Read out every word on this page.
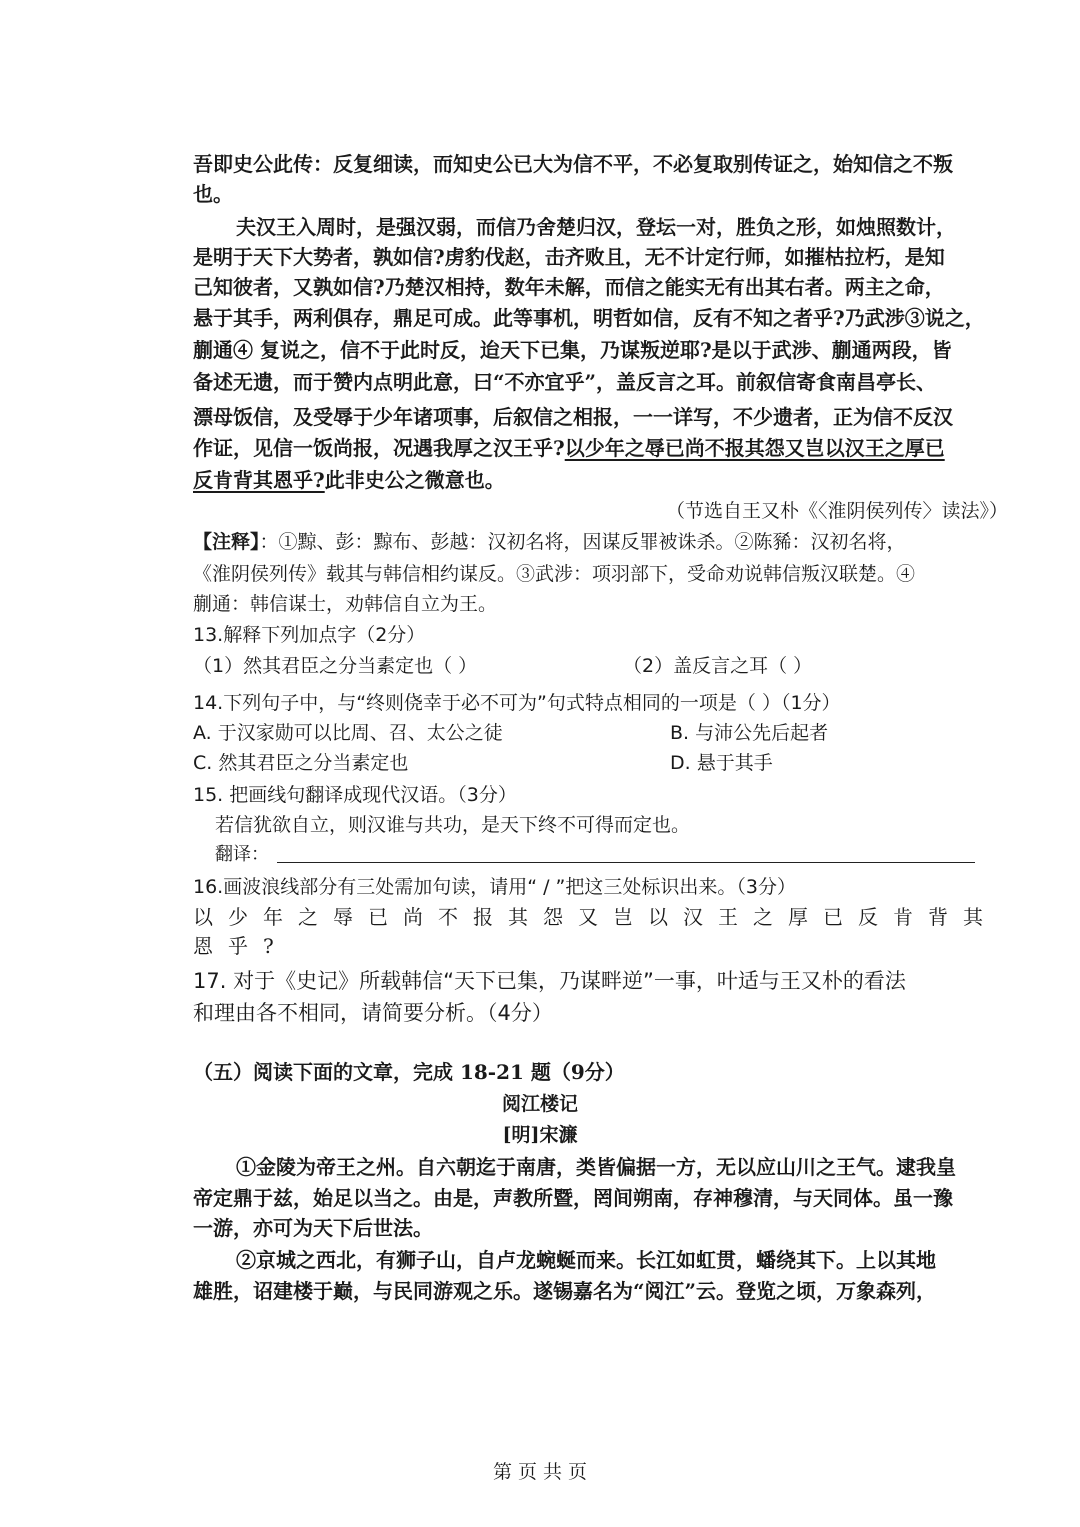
吾即史公此传：反复细读，而知史公已大为信不平，不必复取别传证之，始知信之不叛
也。
夫汉王入周时，是强汉弱，而信乃舍楚归汉，登坛一对，胜负之形，如烛照数计，
是明于天下大势者，孰如信?虏豹伐赵，击齐败且，无不计定行师，如摧枯拉朽，是知
己知彼者，又孰如信?乃楚汉相持，数年未解，而信之能实无有出其右者。两主之命，
悬于其手，两利俱存，鼎足可成。此等事机，明哲如信，反有不知之者乎?乃武涉③说之，
蒯通④ 复说之，信不于此时反，迨天下已集，乃谋叛逆耶?是以于武涉、蒯通两段，皆
备述无遗，而于赞内点明此意，曰“不亦宜乎”，盖反言之耳。前叙信寄食南昌亭长、
漂母饭信，及受辱于少年诸项事，后叙信之相报，一一详写，不少遗者，正为信不反汉
作证，见信一饭尚报，况遇我厚之汉王乎?以少年之辱已尚不报其怨又岂以汉王之厚已
反肯背其恩乎?此非史公之微意也。
（节选自王又朴《〈淮阴侯列传〉读法》）
【注释】：①黥、彭：黥布、彭越：汉初名将，因谋反罪被诛杀。②陈豨：汉初名将，
《淮阴侯列传》载其与韩信相约谋反。③武涉：项羽部下，受命劝说韩信叛汉联楚。④
蒯通：韩信谋士，劝韩信自立为王。
13.解释下列加点字（2分）
（1）然其君臣之分当素定也（ ）	（2）盖反言之耳（ ）
14.下列句子中，与“终则侥幸于必不可为”句式特点相同的一项是（ ）（1分）
A. 于汉家勋可以比周、召、太公之徒	B. 与沛公先后起者
C. 然其君臣之分当素定也	D. 悬于其手
15. 把画线句翻译成现代汉语。（3分）
若信犹欲自立，则汉谁与共功，是天下终不可得而定也。
翻译：
16.画波浪线部分有三处需加句读，请用“ / ”把这三处标识出来。（3分）
以少年之辱已尚不报其怨又岂以汉王之厚已反肯背其
恩乎?
17. 对于《史记》所载韩信“天下已集，乃谋畔逆”一事，叶适与王又朴的看法
和理由各不相同，请简要分析。（4分）
（五）阅读下面的文章，完成 18-21 题（9分）
阅江楼记
[明]宋濂
①金陵为帝王之州。自六朝迄于南唐，类皆偏据一方，无以应山川之王气。逮我皇
帝定鼎于兹，始足以当之。由是，声教所暨，罔间朔南，存神穆清，与天同体。虽一豫
一游，亦可为天下后世法。
②京城之西北，有狮子山，自卢龙蜿蜒而来。长江如虹贯，蟠绕其下。上以其地
雄胜，诏建楼于巅，与民同游观之乐。遂锡嘉名为“阅江”云。登览之顷，万象森列，
第 页 共 页
